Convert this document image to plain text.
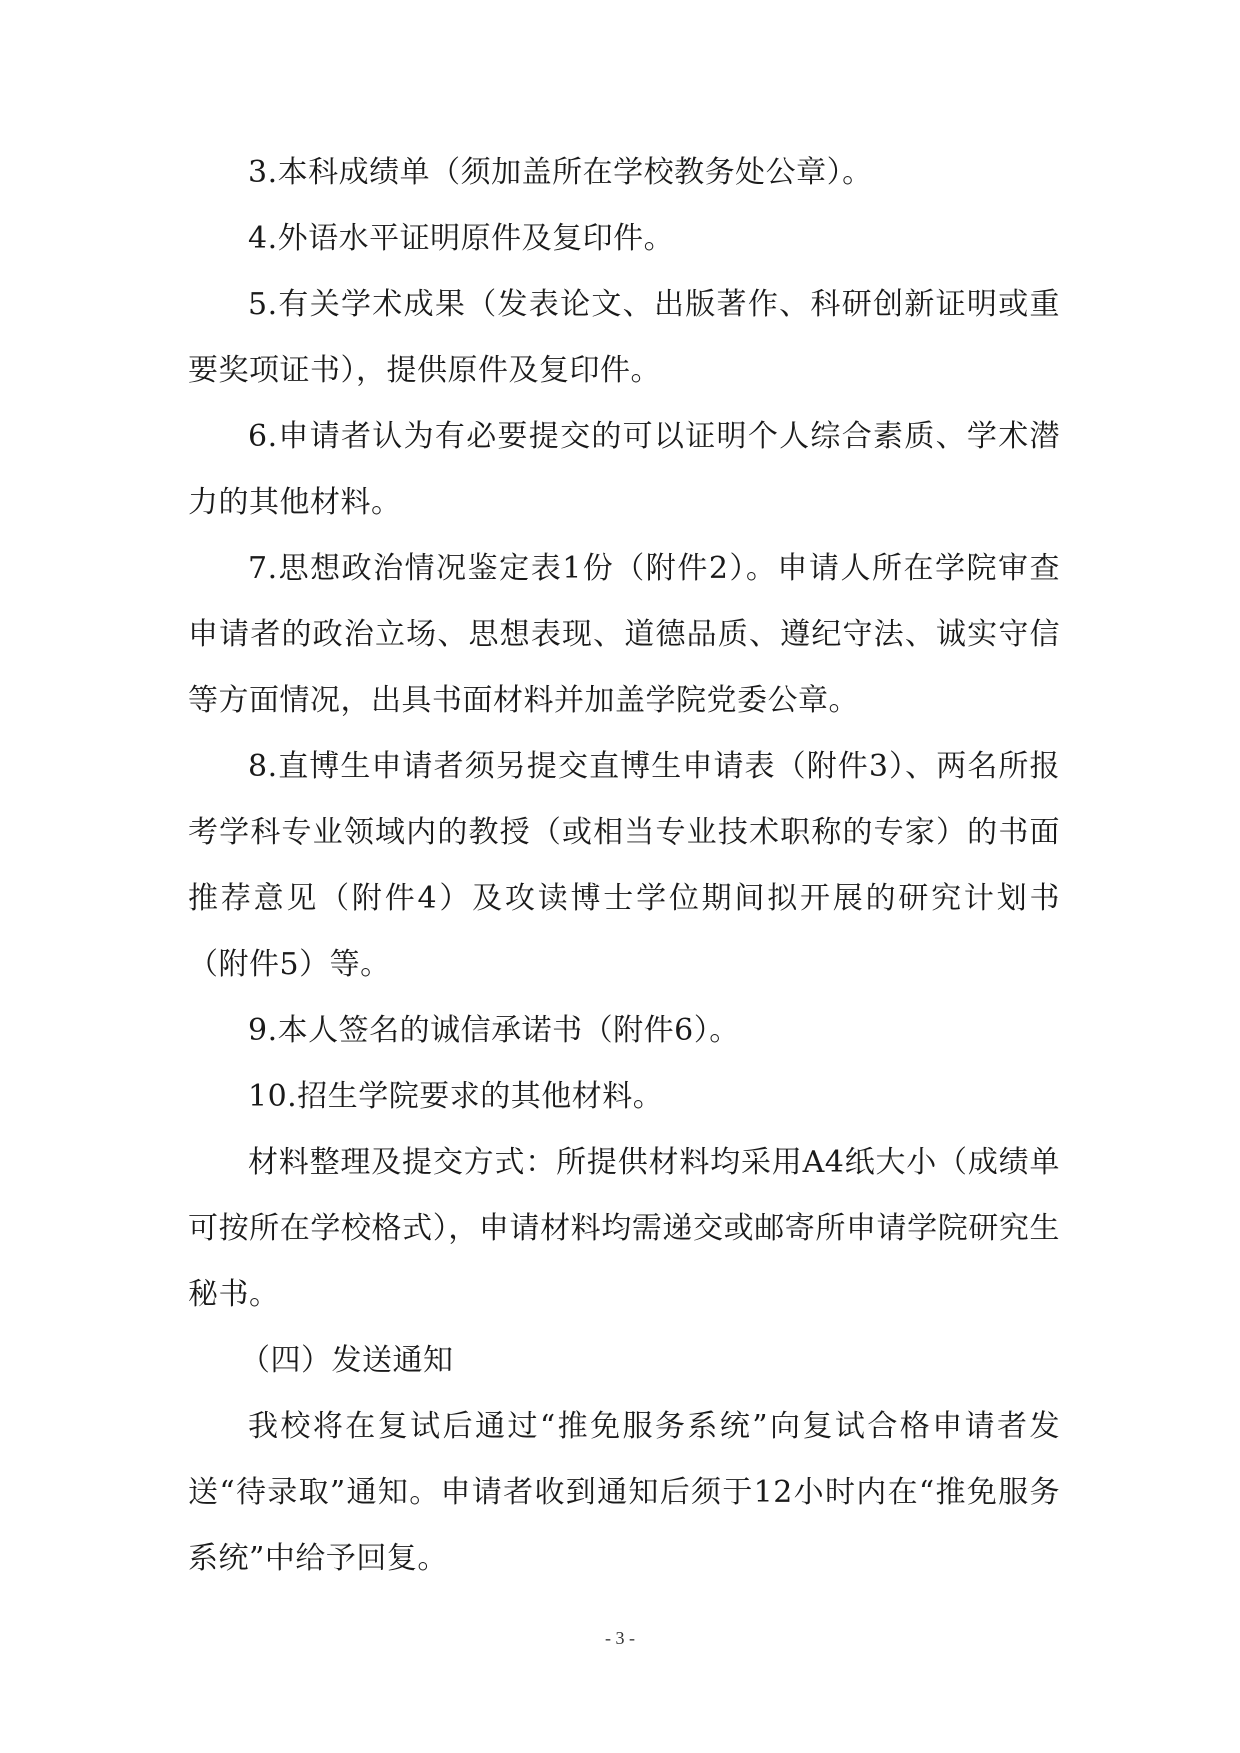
3.本科成绩单（须加盖所在学校教务处公章）。

4.外语水平证明原件及复印件。

5.有关学术成果（发表论文、出版著作、科研创新证明或重要奖项证书），提供原件及复印件。

6.申请者认为有必要提交的可以证明个人综合素质、学术潜力的其他材料。

7.思想政治情况鉴定表1份（附件2）。申请人所在学院审查申请者的政治立场、思想表现、道德品质、遵纪守法、诚实守信等方面情况，出具书面材料并加盖学院党委公章。

8.直博生申请者须另提交直博生申请表（附件3）、两名所报考学科专业领域内的教授（或相当专业技术职称的专家）的书面推荐意见（附件4）及攻读博士学位期间拟开展的研究计划书（附件5）等。

9.本人签名的诚信承诺书（附件6）。

10.招生学院要求的其他材料。

材料整理及提交方式：所提供材料均采用A4纸大小（成绩单可按所在学校格式），申请材料均需递交或邮寄所申请学院研究生秘书。

（四）发送通知

我校将在复试后通过“推免服务系统”向复试合格申请者发送“待录取”通知。申请者收到通知后须于12小时内在“推免服务系统”中给予回复。

- 3 -
